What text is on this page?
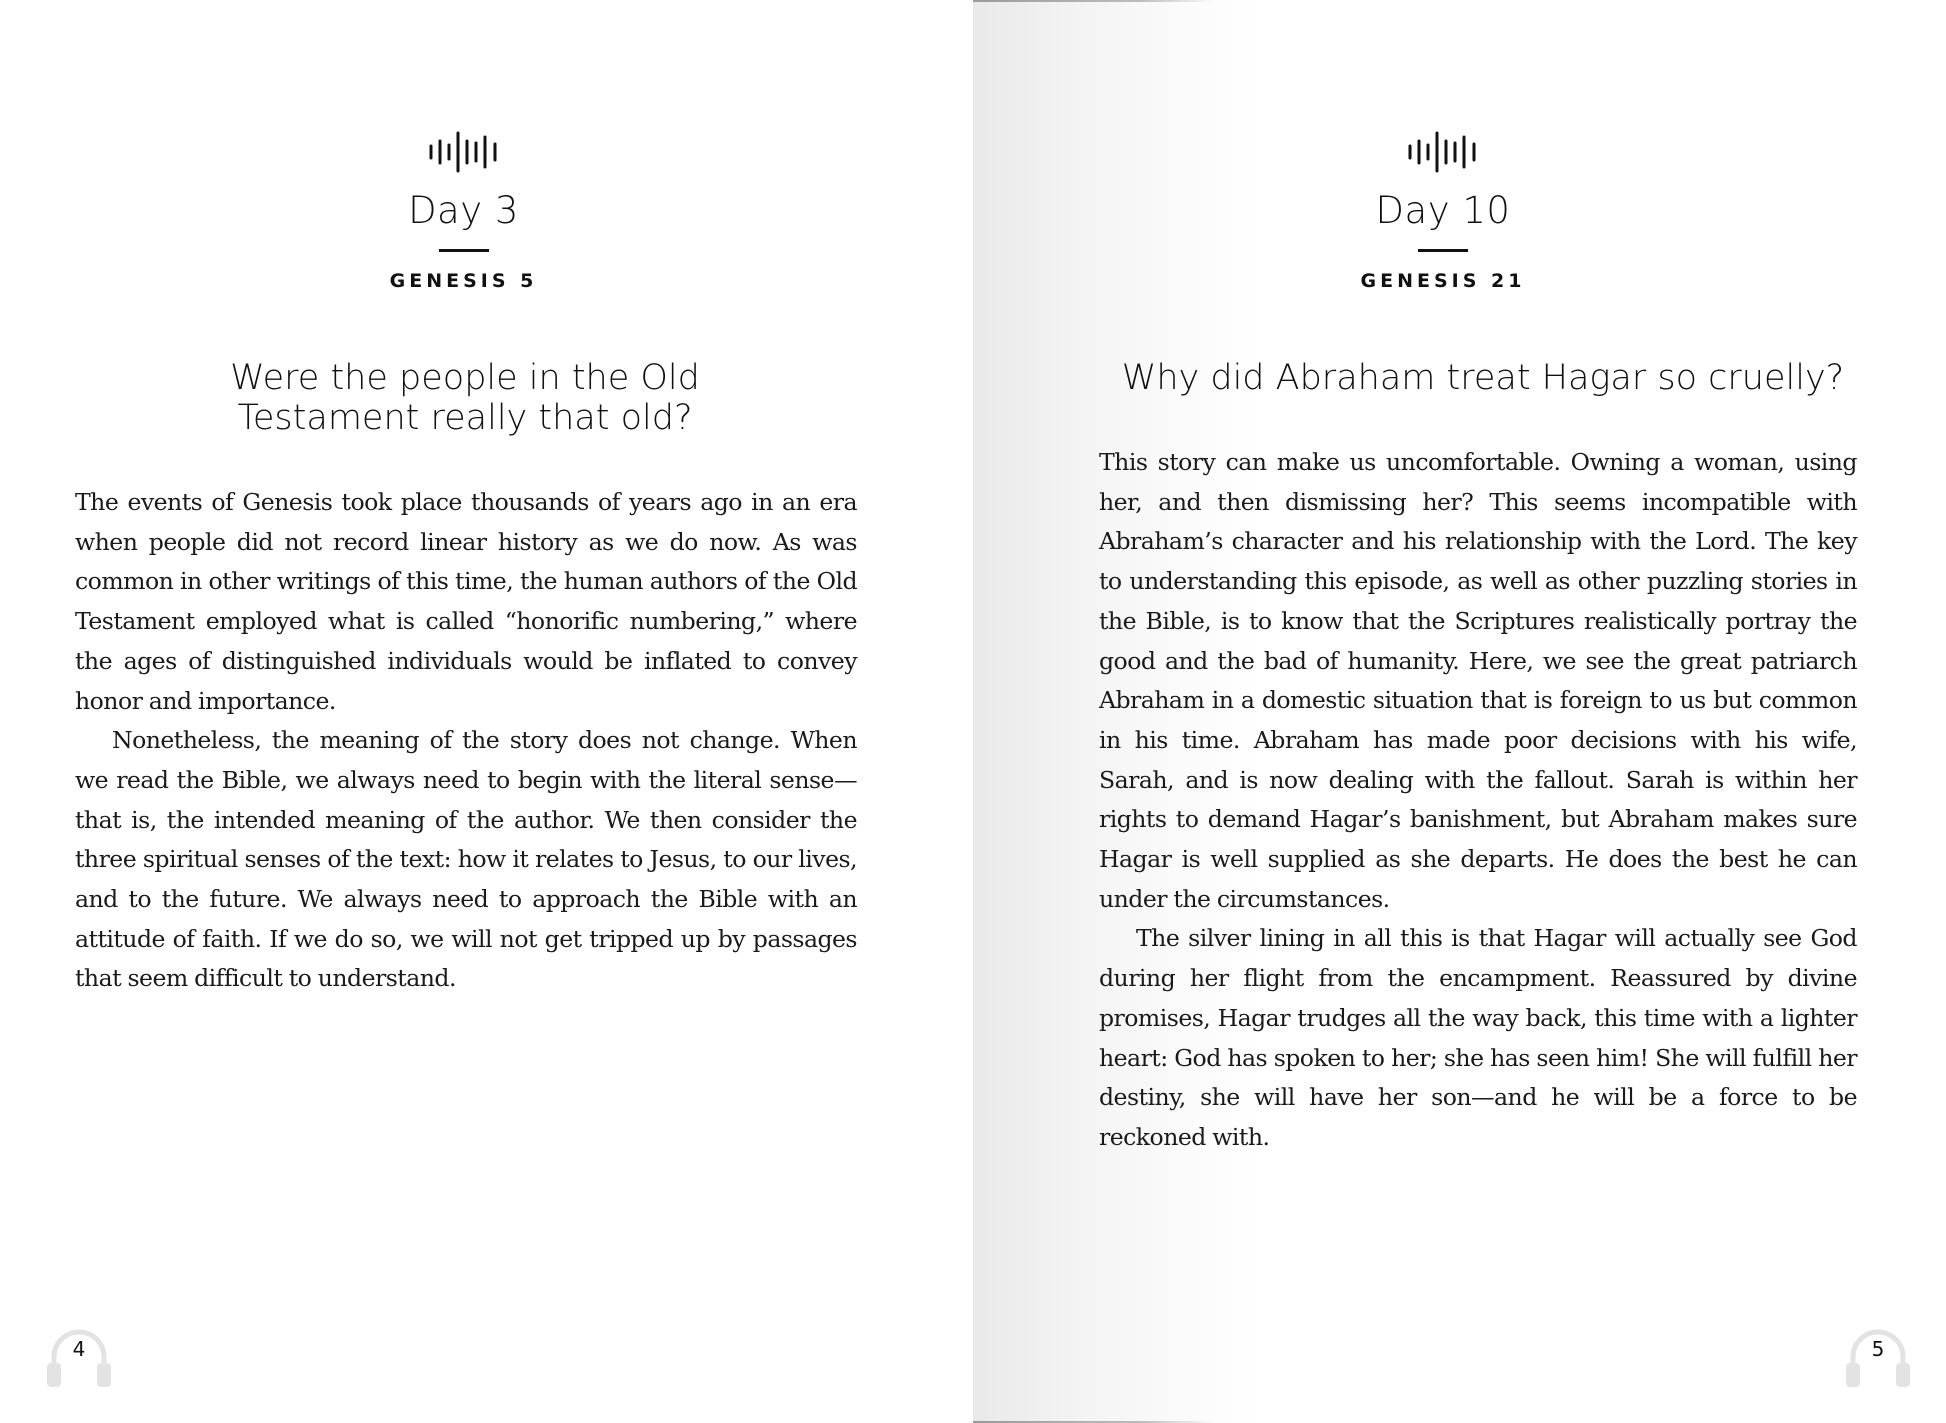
Day 3
GENESIS 5
Were the people in the Old Testament really that old?

The events of Genesis took place thousands of years ago in an era when people did not record linear history as we do now. As was common in other writings of this time, the human authors of the Old Testament employed what is called “honorific numbering,” where the ages of distinguished individuals would be inflated to convey honor and importance.

Nonetheless, the meaning of the story does not change. When we read the Bible, we always need to begin with the literal sense—that is, the intended meaning of the author. We then consider the three spiritual senses of the text: how it relates to Jesus, to our lives, and to the future. We always need to approach the Bible with an attitude of faith. If we do so, we will not get tripped up by passages that seem difficult to understand.

4
Day 10
GENESIS 21
Why did Abraham treat Hagar so cruelly?

This story can make us uncomfortable. Owning a woman, using her, and then dismissing her? This seems incompatible with Abraham’s character and his relationship with the Lord. The key to understanding this episode, as well as other puzzling stories in the Bible, is to know that the Scriptures realistically portray the good and the bad of humanity. Here, we see the great patriarch Abraham in a domestic situation that is foreign to us but common in his time. Abraham has made poor decisions with his wife, Sarah, and is now dealing with the fallout. Sarah is within her rights to demand Hagar’s banishment, but Abraham makes sure Hagar is well supplied as she departs. He does the best he can under the circumstances.

The silver lining in all this is that Hagar will actually see God during her flight from the encampment. Reassured by divine promises, Hagar trudges all the way back, this time with a lighter heart: God has spoken to her; she has seen him! She will fulfill her destiny, she will have her son—and he will be a force to be reckoned with.

5
